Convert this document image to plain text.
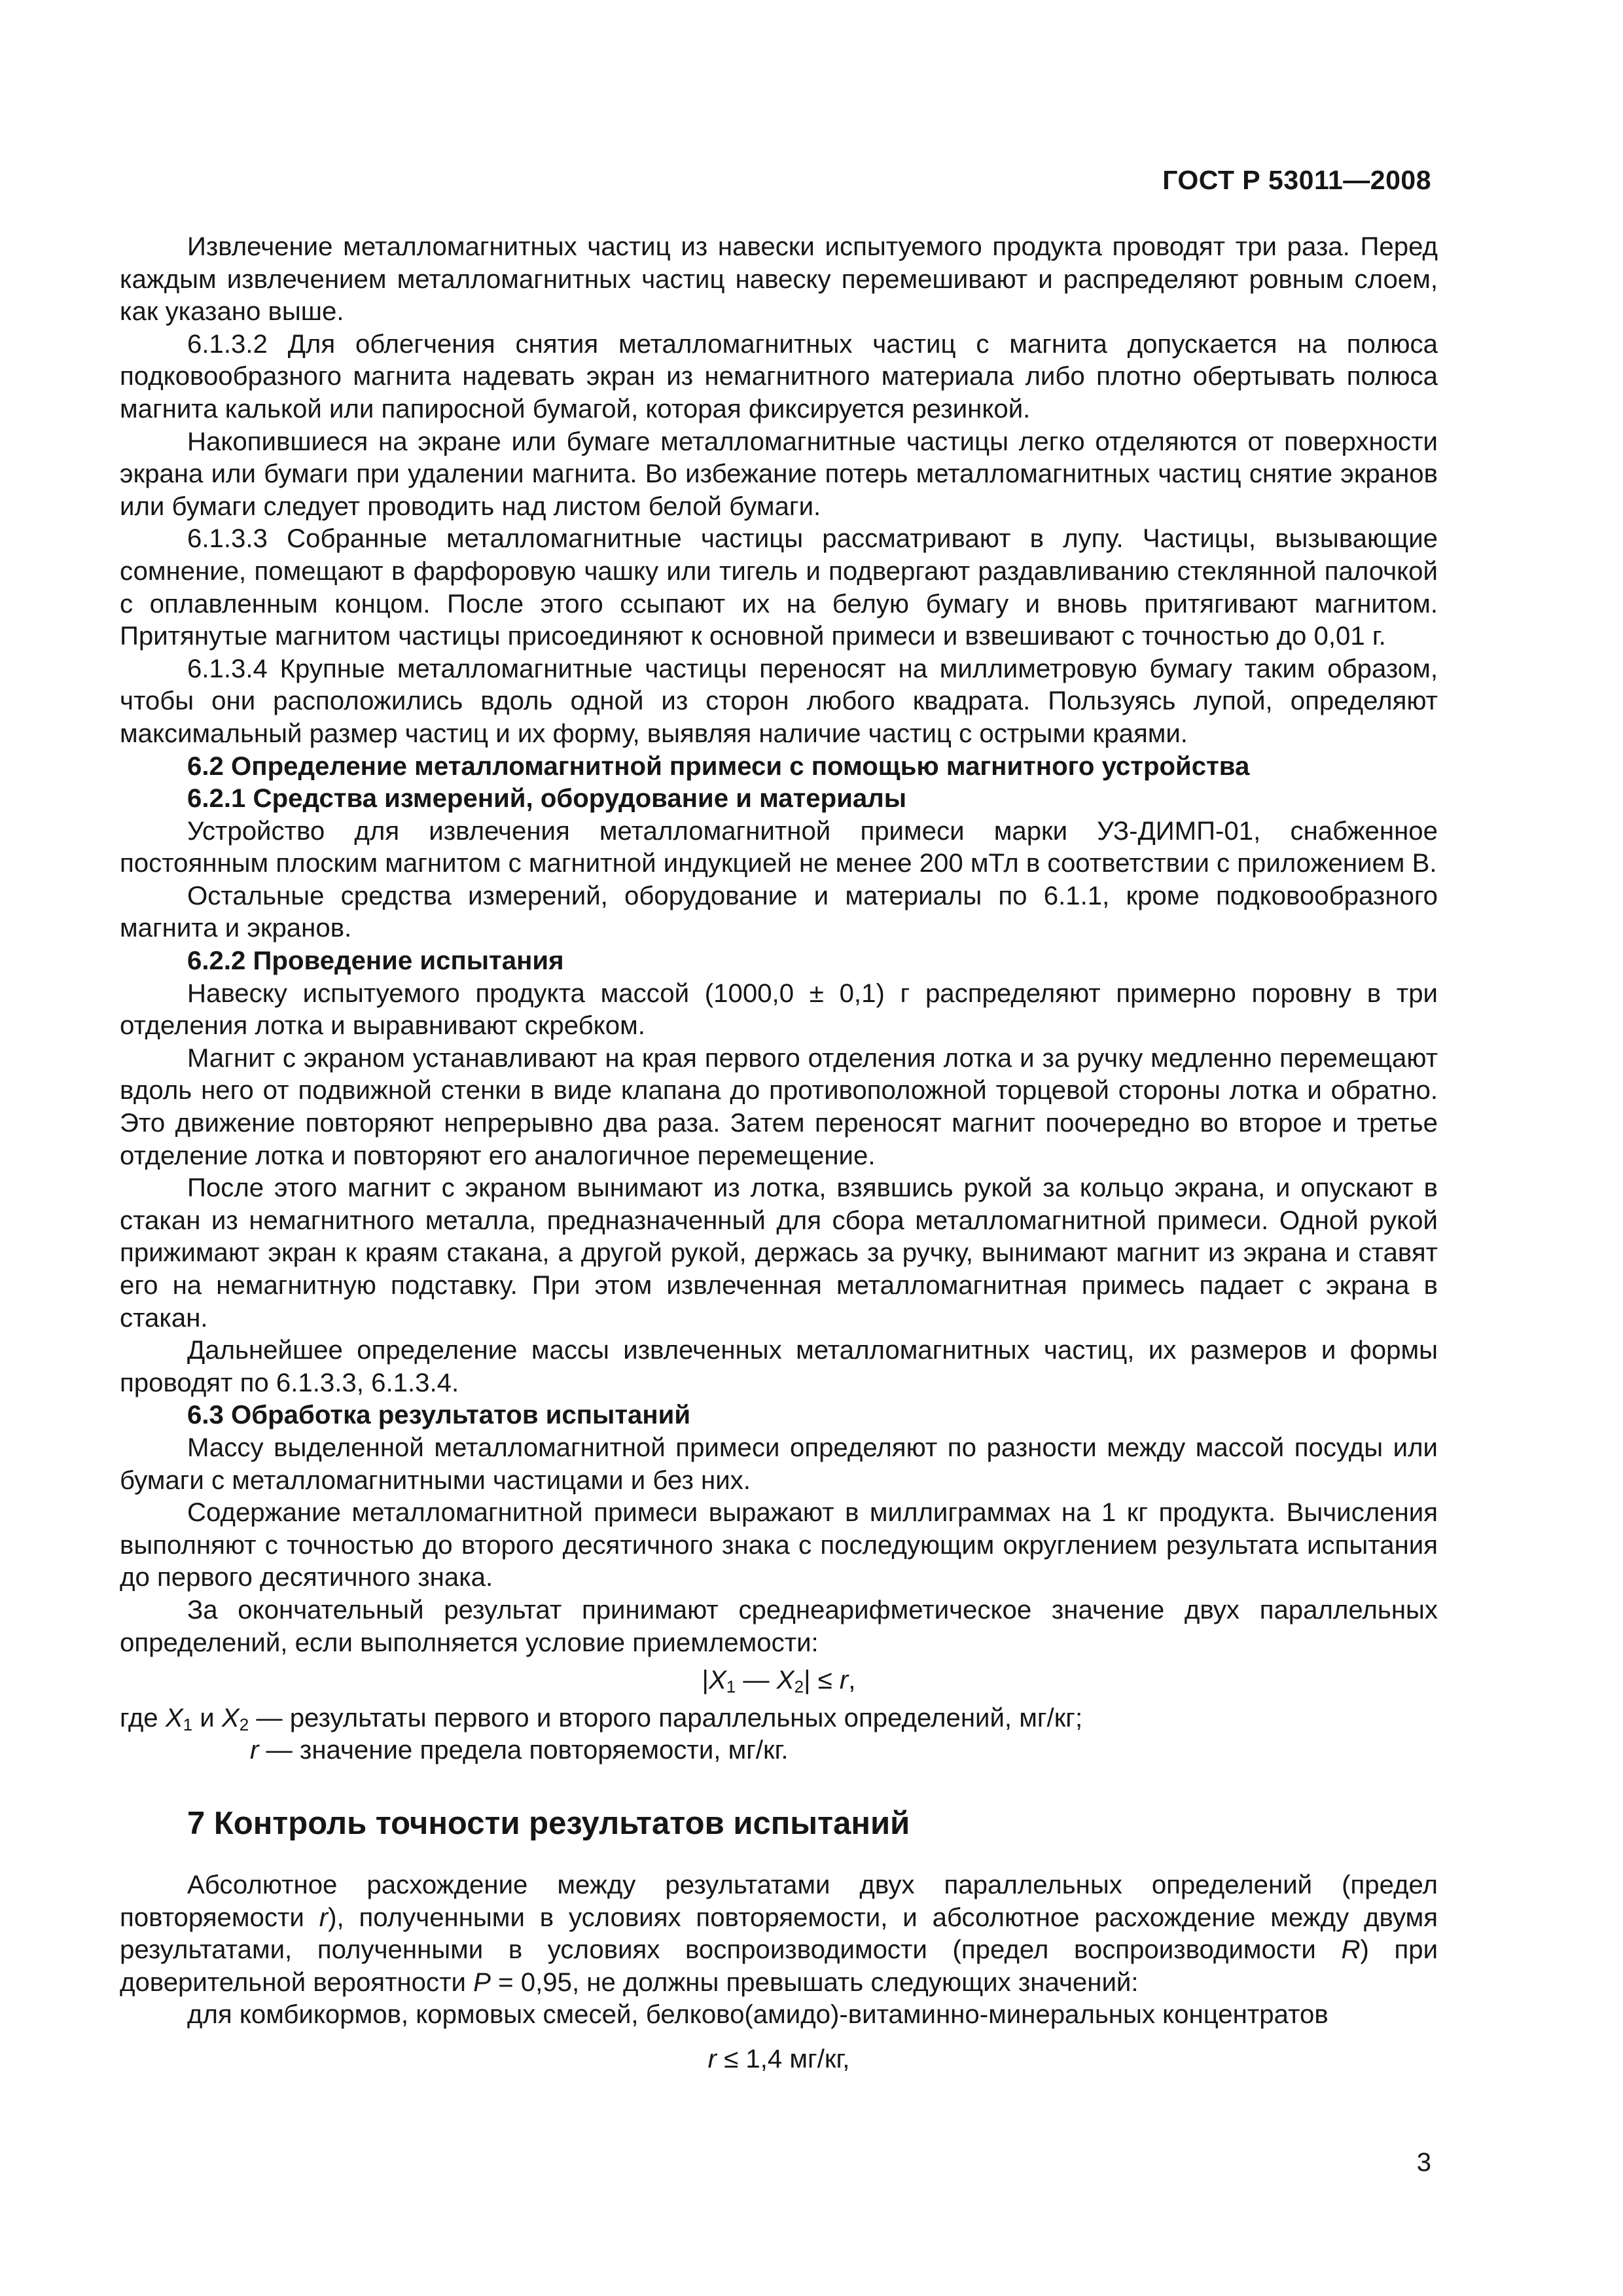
ГОСТ Р 53011—2008

Извлечение металломагнитных частиц из навески испытуемого продукта проводят три раза. Перед каждым извлечением металломагнитных частиц навеску перемешивают и распределяют ровным слоем, как указано выше.

6.1.3.2 Для облегчения снятия металломагнитных частиц с магнита допускается на полюса подковообразного магнита надевать экран из немагнитного материала либо плотно обертывать полюса магнита калькой или папиросной бумагой, которая фиксируется резинкой.

Накопившиеся на экране или бумаге металломагнитные частицы легко отделяются от поверхности экрана или бумаги при удалении магнита. Во избежание потерь металломагнитных частиц снятие экранов или бумаги следует проводить над листом белой бумаги.

6.1.3.3 Собранные металломагнитные частицы рассматривают в лупу. Частицы, вызывающие сомнение, помещают в фарфоровую чашку или тигель и подвергают раздавливанию стеклянной палочкой с оплавленным концом. После этого ссыпают их на белую бумагу и вновь притягивают магнитом. Притянутые магнитом частицы присоединяют к основной примеси и взвешивают с точностью до 0,01 г.

6.1.3.4 Крупные металломагнитные частицы переносят на миллиметровую бумагу таким образом, чтобы они расположились вдоль одной из сторон любого квадрата. Пользуясь лупой, определяют максимальный размер частиц и их форму, выявляя наличие частиц с острыми краями.

6.2 Определение металломагнитной примеси с помощью магнитного устройства

6.2.1 Средства измерений, оборудование и материалы

Устройство для извлечения металломагнитной примеси марки УЗ-ДИМП-01, снабженное постоянным плоским магнитом с магнитной индукцией не менее 200 мТл в соответствии с приложением В.

Остальные средства измерений, оборудование и материалы по 6.1.1, кроме подковообразного магнита и экранов.

6.2.2 Проведение испытания

Навеску испытуемого продукта массой (1000,0 ± 0,1) г распределяют примерно поровну в три отделения лотка и выравнивают скребком.

Магнит с экраном устанавливают на края первого отделения лотка и за ручку медленно перемещают вдоль него от подвижной стенки в виде клапана до противоположной торцевой стороны лотка и обратно. Это движение повторяют непрерывно два раза. Затем переносят магнит поочередно во второе и третье отделение лотка и повторяют его аналогичное перемещение.

После этого магнит с экраном вынимают из лотка, взявшись рукой за кольцо экрана, и опускают в стакан из немагнитного металла, предназначенный для сбора металломагнитной примеси. Одной рукой прижимают экран к краям стакана, а другой рукой, держась за ручку, вынимают магнит из экрана и ставят его на немагнитную подставку. При этом извлеченная металломагнитная примесь падает с экрана в стакан.

Дальнейшее определение массы извлеченных металломагнитных частиц, их размеров и формы проводят по 6.1.3.3, 6.1.3.4.

6.3 Обработка результатов испытаний

Массу выделенной металломагнитной примеси определяют по разности между массой посуды или бумаги с металломагнитными частицами и без них.

Содержание металломагнитной примеси выражают в миллиграммах на 1 кг продукта. Вычисления выполняют с точностью до второго десятичного знака с последующим округлением результата испытания до первого десятичного знака.

За окончательный результат принимают среднеарифметическое значение двух параллельных определений, если выполняется условие приемлемости:

$|X_1$ — $X_2| \le r$,

где $X_1$ и $X_2$ — результаты первого и второго параллельных определений, мг/кг;

r — значение предела повторяемости, мг/кг.

7 Контроль точности результатов испытаний

Абсолютное расхождение между результатами двух параллельных определений (предел повторяемости r), полученными в условиях повторяемости, и абсолютное расхождение между двумя результатами, полученными в условиях воспроизводимости (предел воспроизводимости R) при доверительной вероятности P = 0,95, не должны превышать следующих значений:

для комбикормов, кормовых смесей, белково(амидо)-витаминно-минеральных концентратов

r ≤ 1,4 мг/кг,

3
